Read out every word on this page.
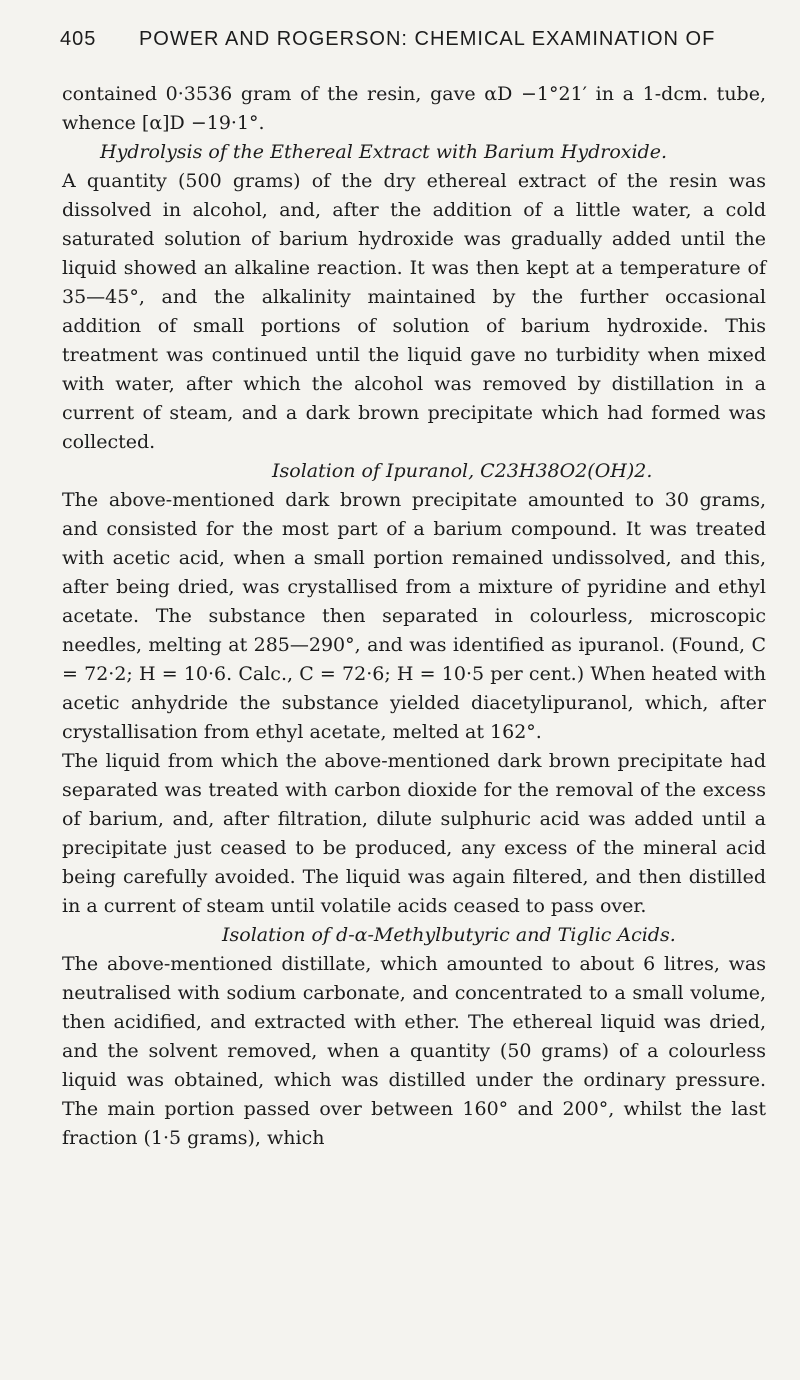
405 POWER AND ROGERSON: CHEMICAL EXAMINATION OF

contained 0·3536 gram of the resin, gave αD −1°21′ in a 1-dcm. tube, whence [α]D −19·1°.

Hydrolysis of the Ethereal Extract with Barium Hydroxide.

A quantity (500 grams) of the dry ethereal extract of the resin was dissolved in alcohol, and, after the addition of a little water, a cold saturated solution of barium hydroxide was gradually added until the liquid showed an alkaline reaction. It was then kept at a temperature of 35—45°, and the alkalinity maintained by the further occasional addition of small portions of solution of barium hydroxide. This treatment was continued until the liquid gave no turbidity when mixed with water, after which the alcohol was removed by distillation in a current of steam, and a dark brown precipitate which had formed was collected.

Isolation of Ipuranol, C23H38O2(OH)2.

The above-mentioned dark brown precipitate amounted to 30 grams, and consisted for the most part of a barium compound. It was treated with acetic acid, when a small portion remained undissolved, and this, after being dried, was crystallised from a mixture of pyridine and ethyl acetate. The substance then separated in colourless, microscopic needles, melting at 285—290°, and was identified as ipuranol. (Found, C = 72·2; H = 10·6. Calc., C = 72·6; H = 10·5 per cent.) When heated with acetic anhydride the substance yielded diacetylipuranol, which, after crystallisation from ethyl acetate, melted at 162°.

The liquid from which the above-mentioned dark brown precipitate had separated was treated with carbon dioxide for the removal of the excess of barium, and, after filtration, dilute sulphuric acid was added until a precipitate just ceased to be produced, any excess of the mineral acid being carefully avoided. The liquid was again filtered, and then distilled in a current of steam until volatile acids ceased to pass over.

Isolation of d-α-Methylbutyric and Tiglic Acids.

The above-mentioned distillate, which amounted to about 6 litres, was neutralised with sodium carbonate, and concentrated to a small volume, then acidified, and extracted with ether. The ethereal liquid was dried, and the solvent removed, when a quantity (50 grams) of a colourless liquid was obtained, which was distilled under the ordinary pressure. The main portion passed over between 160° and 200°, whilst the last fraction (1·5 grams), which
